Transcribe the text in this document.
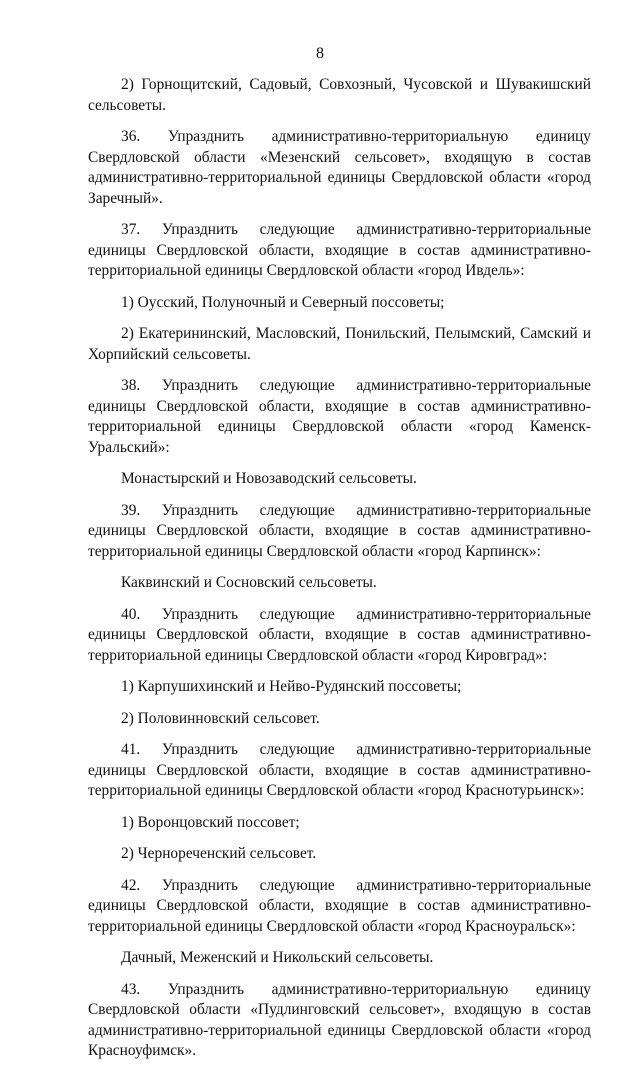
8

2) Горнощитский, Садовый, Совхозный, Чусовской и Шувакишский сельсоветы.

36. Упразднить административно-территориальную единицу Свердловской области «Мезенский сельсовет», входящую в состав административно-территориальной единицы Свердловской области «город Заречный».

37. Упразднить следующие административно-территориальные единицы Свердловской области, входящие в состав административно-территориальной единицы Свердловской области «город Ивдель»:

1) Оусский, Полуночный и Северный поссоветы;

2) Екатерининский, Масловский, Понильский, Пелымский, Самский и Хорпийский сельсоветы.

38. Упразднить следующие административно-территориальные единицы Свердловской области, входящие в состав административно-территориальной единицы Свердловской области «город Каменск-Уральский»:

Монастырский и Новозаводский сельсоветы.

39. Упразднить следующие административно-территориальные единицы Свердловской области, входящие в состав административно-территориальной единицы Свердловской области «город Карпинск»:

Каквинский и Сосновский сельсоветы.

40. Упразднить следующие административно-территориальные единицы Свердловской области, входящие в состав административно-территориальной единицы Свердловской области «город Кировград»:

1) Карпушихинский и Нейво-Рудянский поссоветы;

2) Половинновский сельсовет.

41. Упразднить следующие административно-территориальные единицы Свердловской области, входящие в состав административно-территориальной единицы Свердловской области «город Краснотурьинск»:

1) Воронцовский поссовет;

2) Чернореченский сельсовет.

42. Упразднить следующие административно-территориальные единицы Свердловской области, входящие в состав административно-территориальной единицы Свердловской области «город Красноуральск»:

Дачный, Меженский и Никольский сельсоветы.

43. Упразднить административно-территориальную единицу Свердловской области «Пудлинговский сельсовет», входящую в состав административно-территориальной единицы Свердловской области «город Красноуфимск».
